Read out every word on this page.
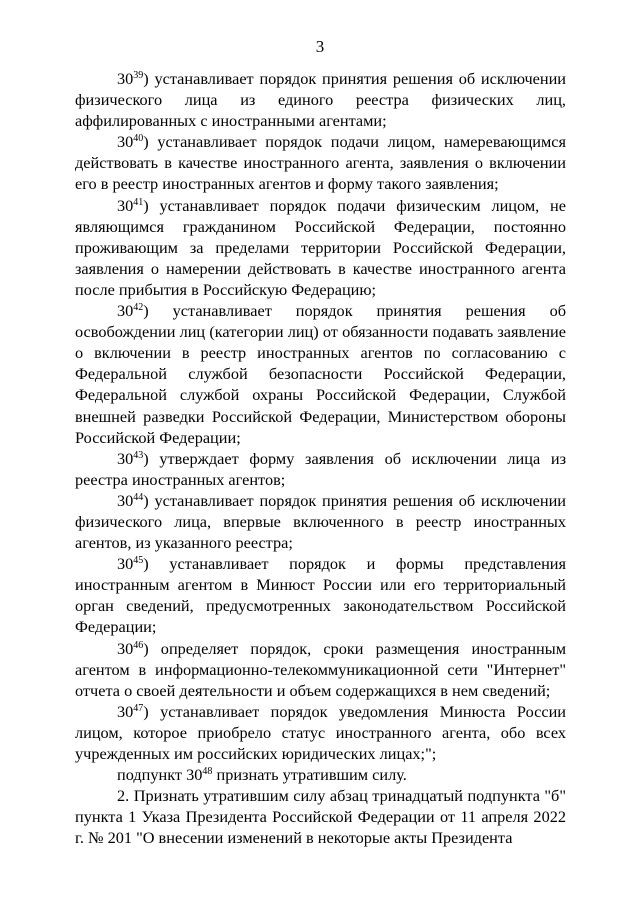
3

$30^{39}$) устанавливает порядок принятия решения об исключении физического лица из единого реестра физических лиц, аффилированных с иностранными агентами;

$30^{40}$) устанавливает порядок подачи лицом, намеревающимся действовать в качестве иностранного агента, заявления о включении его в реестр иностранных агентов и форму такого заявления;

$30^{41}$) устанавливает порядок подачи физическим лицом, не являющимся гражданином Российской Федерации, постоянно проживающим за пределами территории Российской Федерации, заявления о намерении действовать в качестве иностранного агента после прибытия в Российскую Федерацию;

$30^{42}$) устанавливает порядок принятия решения об освобождении лиц (категории лиц) от обязанности подавать заявление о включении в реестр иностранных агентов по согласованию с Федеральной службой безопасности Российской Федерации, Федеральной службой охраны Российской Федерации, Службой внешней разведки Российской Федерации, Министерством обороны Российской Федерации;

$30^{43}$) утверждает форму заявления об исключении лица из реестра иностранных агентов;

$30^{44}$) устанавливает порядок принятия решения об исключении физического лица, впервые включенного в реестр иностранных агентов, из указанного реестра;

$30^{45}$) устанавливает порядок и формы представления иностранным агентом в Минюст России или его территориальный орган сведений, предусмотренных законодательством Российской Федерации;

$30^{46}$) определяет порядок, сроки размещения иностранным агентом в информационно-телекоммуникационной сети "Интернет" отчета о своей деятельности и объем содержащихся в нем сведений;

$30^{47}$) устанавливает порядок уведомления Минюста России лицом, которое приобрело статус иностранного агента, обо всех учрежденных им российских юридических лицах;";

подпункт $30^{48}$ признать утратившим силу.

2. Признать утратившим силу абзац тринадцатый подпункта "б" пункта 1 Указа Президента Российской Федерации от 11 апреля 2022 г. № 201 "О внесении изменений в некоторые акты Президента
